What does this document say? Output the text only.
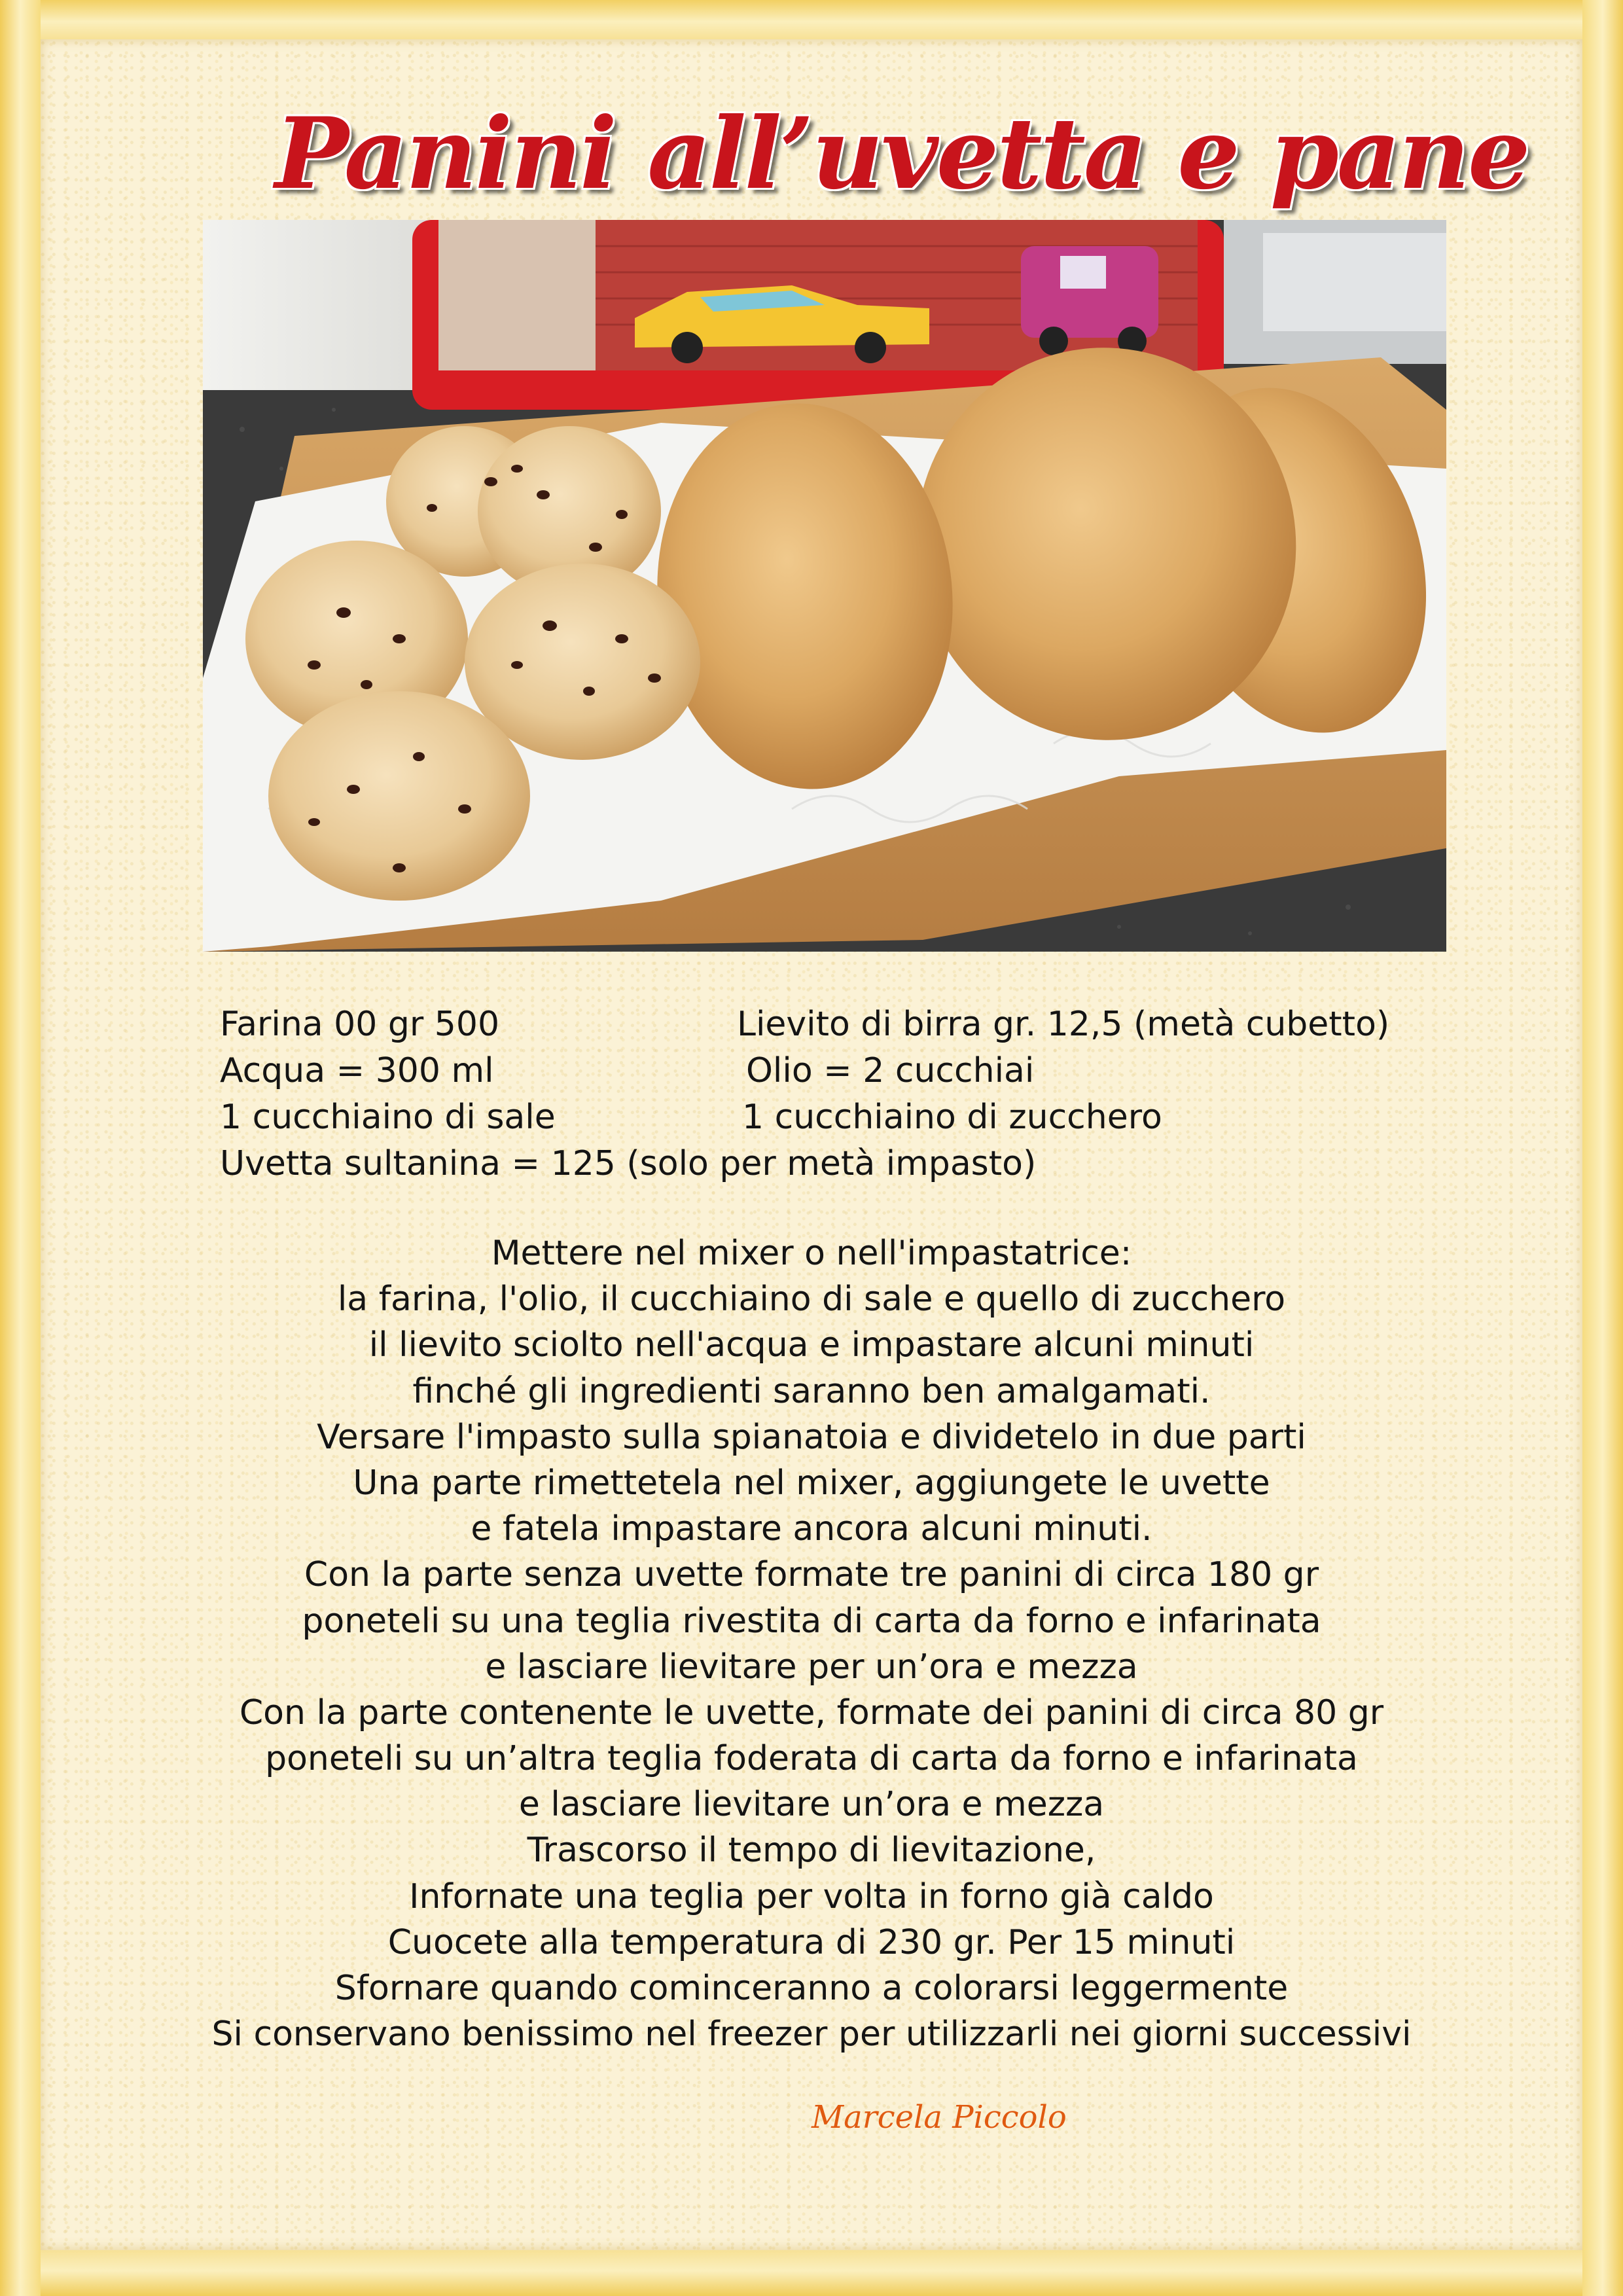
Panini all’uvetta e pane
Farina 00 gr 500	Lievito di birra gr. 12,5 (metà cubetto)
Acqua = 300 ml	Olio = 2 cucchiai
1 cucchiaino di sale	1 cucchiaino di zucchero
Uvetta sultanina = 125 (solo per metà impasto)
Mettere nel mixer o nell'impastatrice:
la farina, l'olio, il cucchiaino di sale e quello di zucchero
il lievito sciolto nell'acqua e impastare alcuni minuti
finché gli ingredienti saranno ben amalgamati.
Versare l'impasto sulla spianatoia e dividetelo in due parti
Una parte rimettetela nel mixer, aggiungete le uvette
e fatela impastare ancora alcuni minuti.
Con la parte senza uvette formate tre panini di circa 180 gr
poneteli su una teglia rivestita di carta da forno e infarinata
e lasciare lievitare per un’ora e mezza
Con la parte contenente le uvette, formate dei panini di circa 80 gr
poneteli su un’altra teglia foderata di carta da forno e infarinata
e lasciare lievitare un’ora e mezza
Trascorso il tempo di lievitazione,
Infornate una teglia per volta in forno già caldo
Cuocete alla temperatura di 230 gr. Per 15 minuti
Sfornare quando cominceranno a colorarsi leggermente
Si conservano benissimo nel freezer per utilizzarli nei giorni successivi
Marcela Piccolo
